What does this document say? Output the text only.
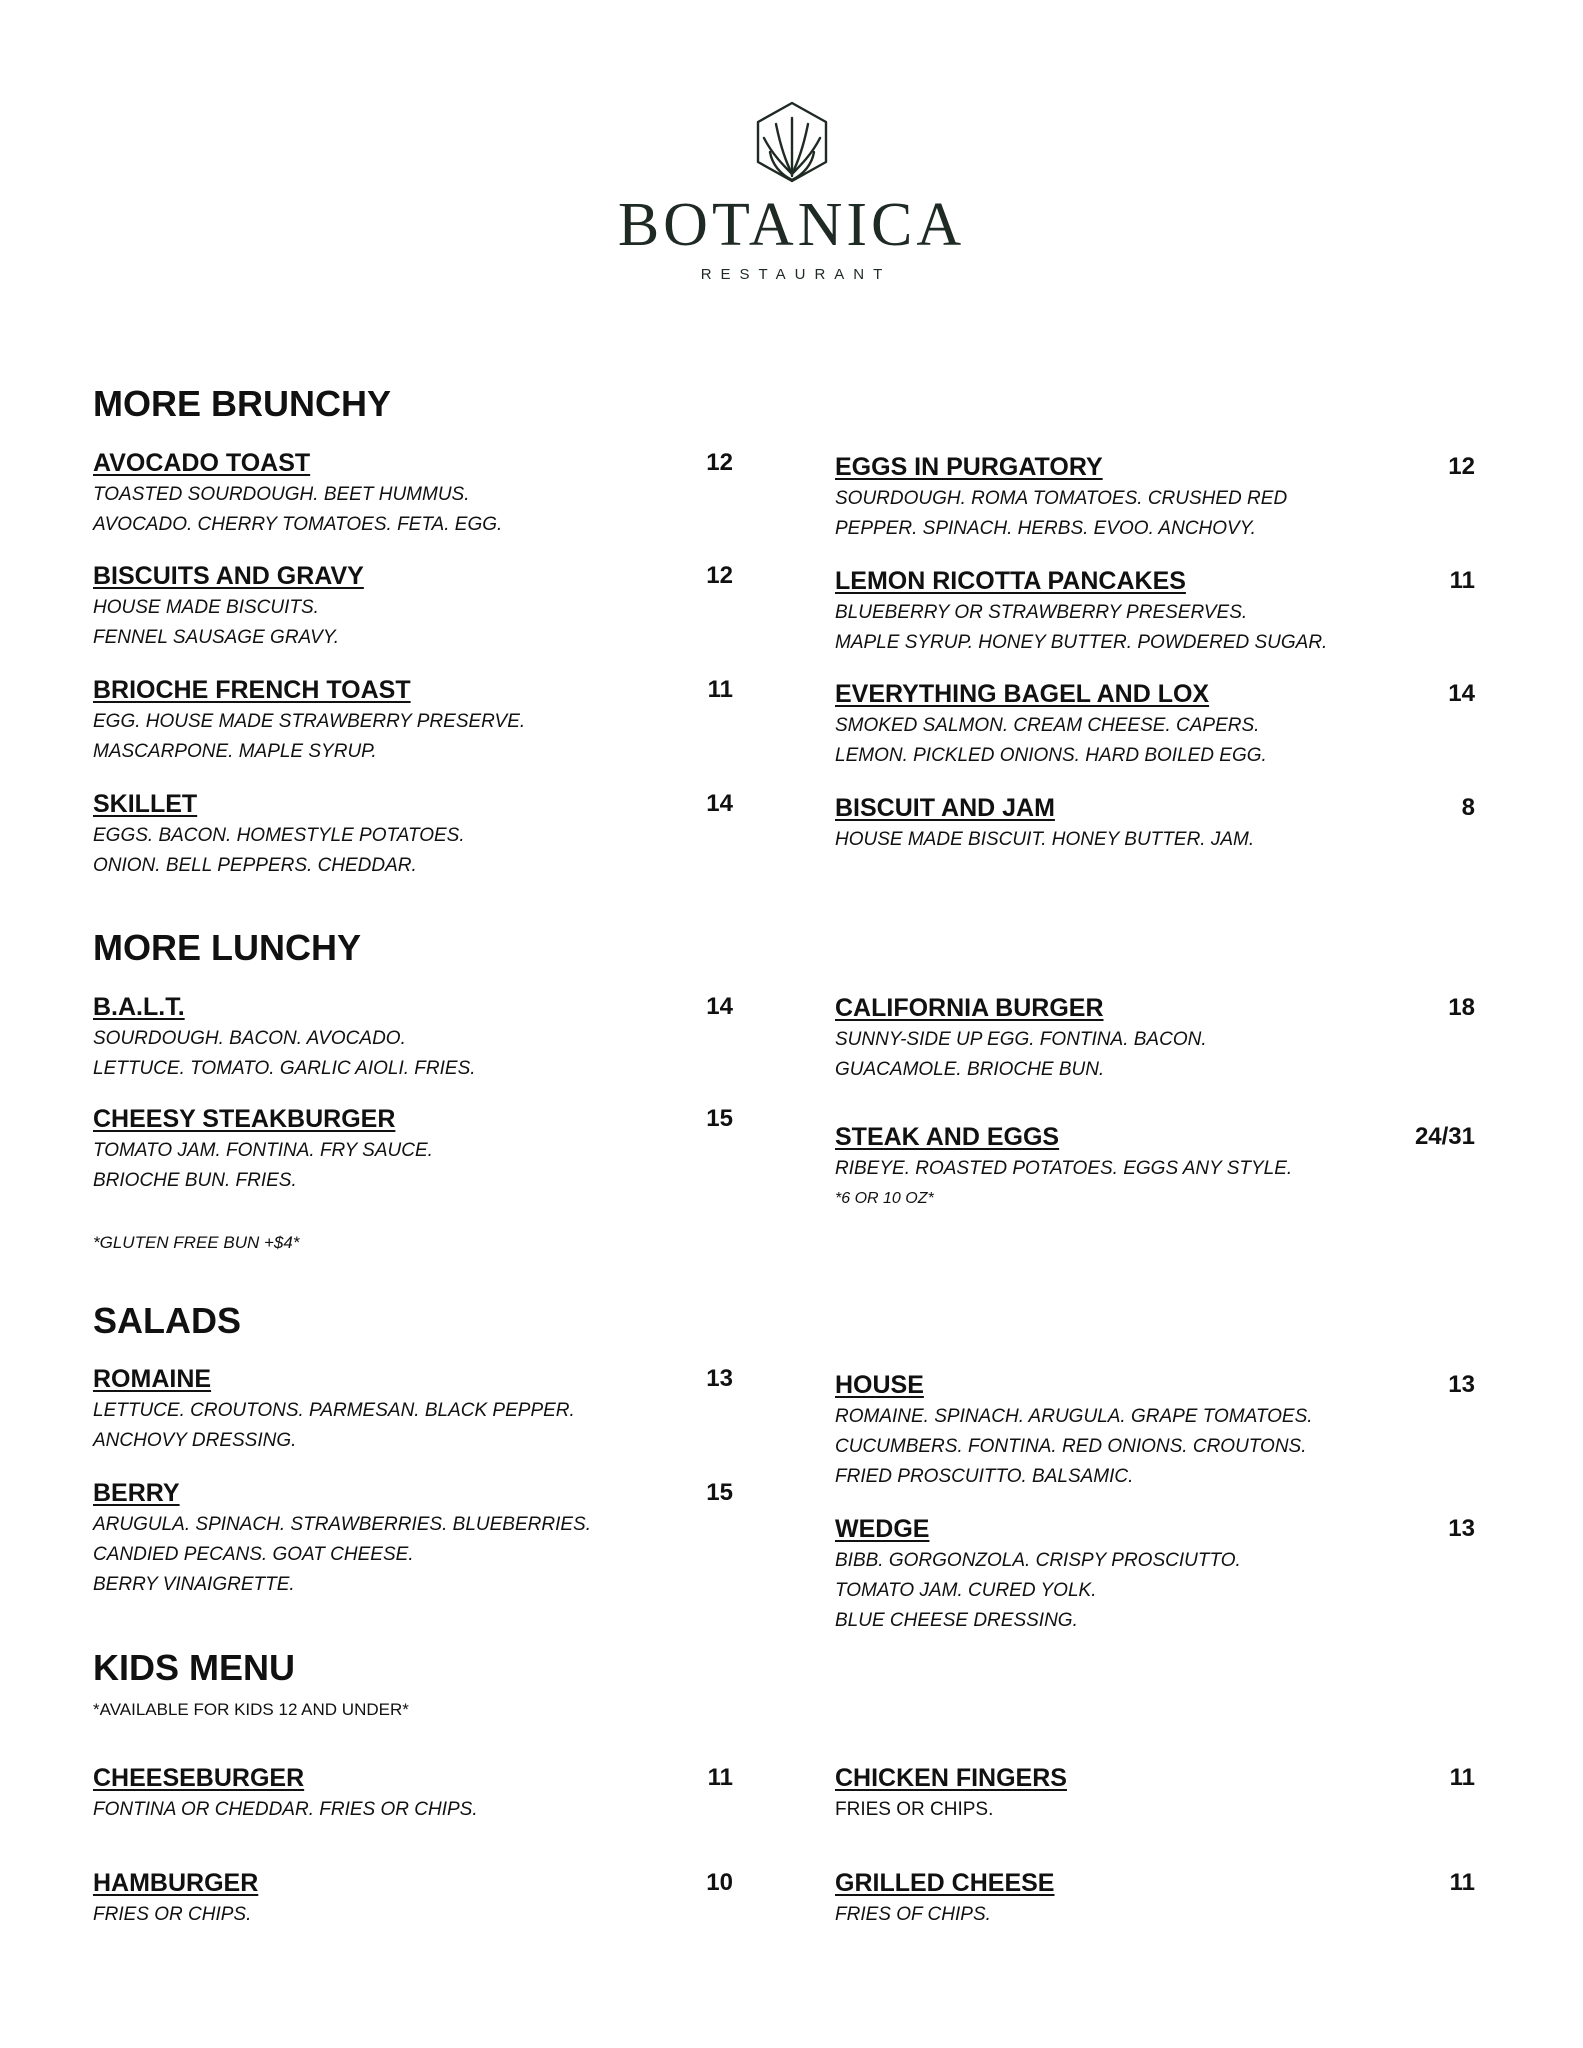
BOTANICA
RESTAURANT
MORE BRUNCHY
AVOCADO TOAST	12
TOASTED SOURDOUGH. BEET HUMMUS.
AVOCADO. CHERRY TOMATOES. FETA. EGG.
BISCUITS AND GRAVY	12
HOUSE MADE BISCUITS.
FENNEL SAUSAGE GRAVY.
BRIOCHE FRENCH TOAST	11
EGG. HOUSE MADE STRAWBERRY PRESERVE.
MASCARPONE. MAPLE SYRUP.
SKILLET	14
EGGS. BACON. HOMESTYLE POTATOES.
ONION. BELL PEPPERS. CHEDDAR.
EGGS IN PURGATORY	12
SOURDOUGH. ROMA TOMATOES. CRUSHED RED
PEPPER. SPINACH. HERBS. EVOO. ANCHOVY.
LEMON RICOTTA PANCAKES	11
BLUEBERRY OR STRAWBERRY PRESERVES.
MAPLE SYRUP. HONEY BUTTER. POWDERED SUGAR.
EVERYTHING BAGEL AND LOX	14
SMOKED SALMON. CREAM CHEESE. CAPERS.
LEMON. PICKLED ONIONS. HARD BOILED EGG.
BISCUIT AND JAM	8
HOUSE MADE BISCUIT. HONEY BUTTER. JAM.
MORE LUNCHY
B.A.L.T.	14
SOURDOUGH. BACON. AVOCADO.
LETTUCE. TOMATO. GARLIC AIOLI. FRIES.
CHEESY STEAKBURGER	15
TOMATO JAM. FONTINA. FRY SAUCE.
BRIOCHE BUN. FRIES.
*GLUTEN FREE BUN +$4*
CALIFORNIA BURGER	18
SUNNY-SIDE UP EGG. FONTINA. BACON.
GUACAMOLE. BRIOCHE BUN.
STEAK AND EGGS	24/31
RIBEYE. ROASTED POTATOES. EGGS ANY STYLE.
*6 OR 10 OZ*
SALADS
ROMAINE	13
LETTUCE. CROUTONS. PARMESAN. BLACK PEPPER.
ANCHOVY DRESSING.
BERRY	15
ARUGULA. SPINACH. STRAWBERRIES. BLUEBERRIES.
CANDIED PECANS. GOAT CHEESE.
BERRY VINAIGRETTE.
HOUSE	13
ROMAINE. SPINACH. ARUGULA. GRAPE TOMATOES.
CUCUMBERS. FONTINA. RED ONIONS. CROUTONS.
FRIED PROSCUITTO. BALSAMIC.
WEDGE	13
BIBB. GORGONZOLA. CRISPY PROSCIUTTO.
TOMATO JAM. CURED YOLK.
BLUE CHEESE DRESSING.
KIDS MENU
*AVAILABLE FOR KIDS 12 AND UNDER*
CHEESEBURGER	11
FONTINA OR CHEDDAR. FRIES OR CHIPS.
HAMBURGER	10
FRIES OR CHIPS.
CHICKEN FINGERS	11
FRIES OR CHIPS.
GRILLED CHEESE	11
FRIES OF CHIPS.
